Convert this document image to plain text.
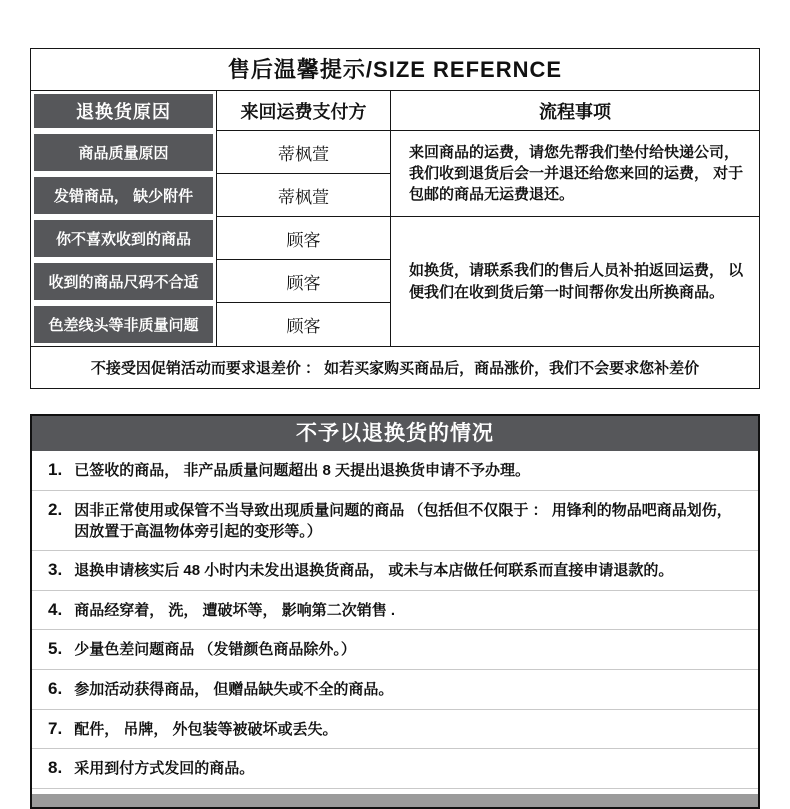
售后温馨提示/SIZE REFERNCE
退换货原因	来回运费支付方	流程事项
商品质量原因
发错商品， 缺少附件
你不喜欢收到的商品
收到的商品尺码不合适
色差线头等非质量问题
蒂枫萱
蒂枫萱
顾客
顾客
顾客
来回商品的运费，请您先帮我们垫付给快递公司， 我们收到退货后会一并退还给您来回的运费， 对于包邮的商品无运费退还。
如换货，请联系我们的售后人员补拍返回运费， 以便我们在收到货后第一时间帮你发出所换商品。
不接受因促销活动而要求退差价 ： 如若买家购买商品后，商品涨价，我们不会要求您补差价
不予以退换货的情况
1. 已签收的商品， 非产品质量问题超出 8 天提出退换货申请不予办理。
2. 因非正常使用或保管不当导致出现质量问题的商品 （包括但不仅限于 ： 用锋利的物品吧商品划伤， 因放置于高温物体旁引起的变形等。）
3. 退换申请核实后 48 小时内未发出退换货商品， 或未与本店做任何联系而直接申请退款的。
4. 商品经穿着， 洗， 遭破坏等， 影响第二次销售 .
5. 少量色差问题商品 （发错颜色商品除外。）
6. 参加活动获得商品， 但赠品缺失或不全的商品。
7. 配件， 吊牌， 外包装等被破坏或丢失。
8. 采用到付方式发回的商品。
